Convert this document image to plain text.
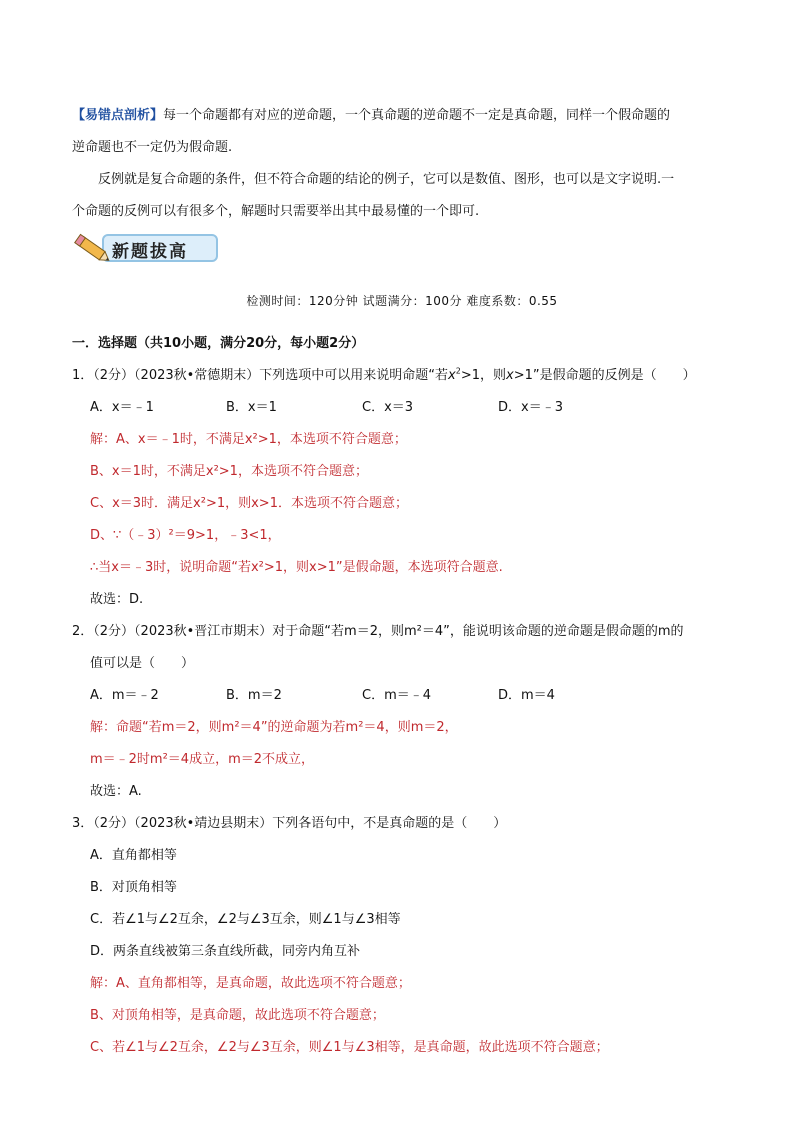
【易错点剖析】每一个命题都有对应的逆命题，一个真命题的逆命题不一定是真命题，同样一个假命题的

逆命题也不一定仍为假命题.

反例就是复合命题的条件，但不符合命题的结论的例子，它可以是数值、图形，也可以是文字说明.一

个命题的反例可以有很多个，解题时只需要举出其中最易懂的一个即可.

新题拔高

检测时间：120分钟 试题满分：100分 难度系数：0.55

一．选择题（共10小题，满分20分，每小题2分）

1．（2分）（2023秋•常德期末）下列选项中可以用来说明命题“若$x^2>1$，则x>1”是假命题的反例是（　　）

A．x＝﹣1	B．x＝1	C．x＝3	D．x＝﹣3

解：A、x＝﹣1时，不满足x²>1，本选项不符合题意；

B、x＝1时，不满足x²>1，本选项不符合题意；

C、x＝3时．满足x²>1，则x>1．本选项不符合题意；

D、∵（﹣3）²＝9>1，﹣3<1，

∴当x＝﹣3时，说明命题“若x²>1，则x>1”是假命题，本选项符合题意.

故选：D.

2．（2分）（2023秋•晋江市期末）对于命题“若m＝2，则m²＝4”，能说明该命题的逆命题是假命题的m的

值可以是（　　）

A．m＝﹣2	B．m＝2	C．m＝﹣4	D．m＝4

解：命题“若m＝2，则m²＝4”的逆命题为若m²＝4，则m＝2，

m＝﹣2时m²＝4成立，m＝2不成立，

故选：A.

3．（2分）（2023秋•靖边县期末）下列各语句中，不是真命题的是（　　）

A．直角都相等

B．对顶角相等

C．若∠1与∠2互余，∠2与∠3互余，则∠1与∠3相等

D．两条直线被第三条直线所截，同旁内角互补

解：A、直角都相等，是真命题，故此选项不符合题意；

B、对顶角相等，是真命题，故此选项不符合题意；

C、若∠1与∠2互余，∠2与∠3互余，则∠1与∠3相等，是真命题，故此选项不符合题意；
